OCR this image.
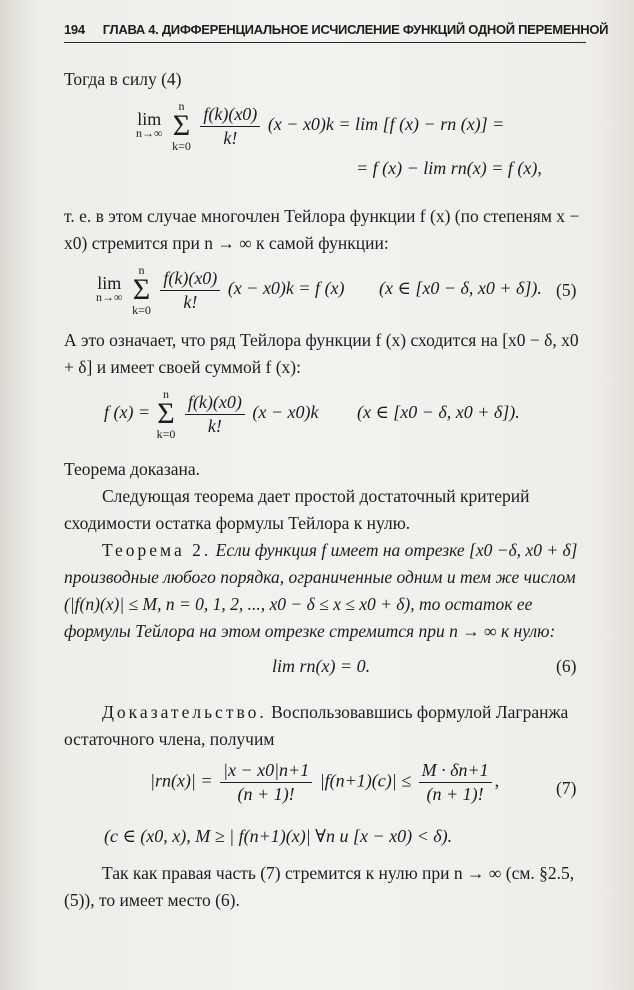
194 ГЛАВА 4. ДИФФЕРЕНЦИАЛЬНОЕ ИСЧИСЛЕНИЕ ФУНКЦИЙ ОДНОЙ ПЕРЕМЕННОЙ
Тогда в силу (4)
lim
n→∞
n
Σ
$k=0 \frac{f(k)(x0)}{k!} (x - x0)k = \lim [f$ (x) − rn (x)] =
= f (x) − lim rn(x) = f (x),
т. е. в этом случае многочлен Тейлора функции f (x) (по степеням x − x0) стремится при n → ∞ к самой функции:
lim
n→∞
n
Σ
$k=0 \frac{f(k)(x0)}{k!} (x - x0)k = f$ (x) (x ∈ [x0 − δ, x0 + δ]). (5)
А это означает, что ряд Тейлора функции f (x) сходится на [x0 − δ, x0 + δ] и имеет своей суммой f (x):
f (x) = n
Σ
$k=0 \frac{f(k)(x0)}{k!} (x - x0)k$ (x ∈ [x0 − δ, x0 + δ]).
Теорема доказана.
Следующая теорема дает простой достаточный критерий сходимости остатка формулы Тейлора к нулю.
Теорема 2. Если функция f имеет на отрезке [x0 −δ, x0 + δ] производные любого порядка, ограниченные одним и тем же числом (|f(n)(x)| ≤ M, n = 0, 1, 2, ..., x0 − δ ≤ x ≤ x0 + δ), то остаток ее формулы Тейлора на этом отрезке стремится при n → ∞ к нулю:
lim rn(x) = 0.	(6)
Доказательство. Воспользовавшись формулой Лагранжа остаточного члена, получим
$|rn(x)| = \frac{|x - x0|n+1}{(n + 1)!} |f(n+1)(c)| \le \frac{M \cdot \delta n+1}{(n + 1)!}$ ,	(7)
(c ∈ (x0, x), M ≥ | f(n+1)(x)| ∀n и [x − x0) < δ).
Так как правая часть (7) стремится к нулю при n → ∞ (см. §2.5, (5)), то имеет место (6).
